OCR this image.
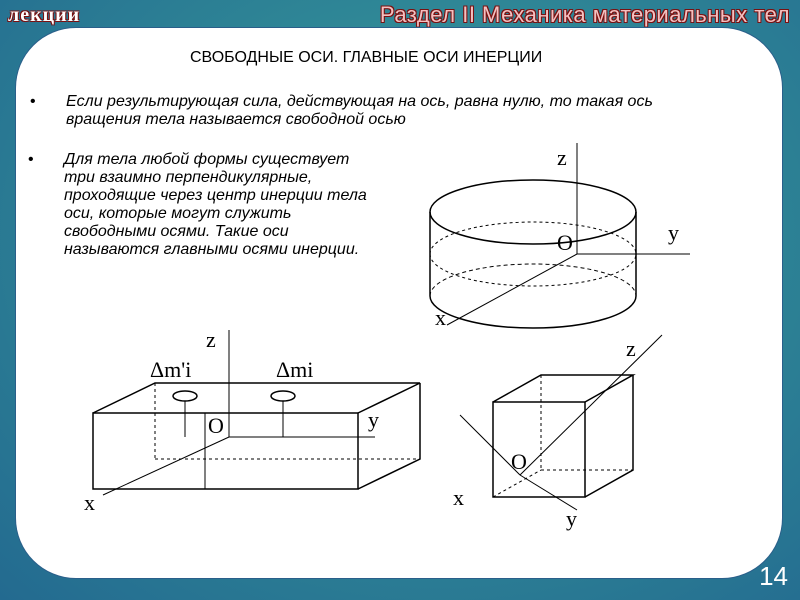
лекции	Раздел II Механика материальных тел
СВОБОДНЫЕ ОСИ. ГЛАВНЫЕ ОСИ ИНЕРЦИИ
• Если результирующая сила, действующая на ось, равна нулю, то такая ось вращения тела называется свободной осью
• Для тела любой формы существует три взаимно перпендикулярные, проходящие через центр инерции тела оси, которые могут служить свободными осями. Такие оси называются главными осями инерции.
z
y
x
O
z
y
x
O
Δm'i	Δmi
z
x
y
O
14
